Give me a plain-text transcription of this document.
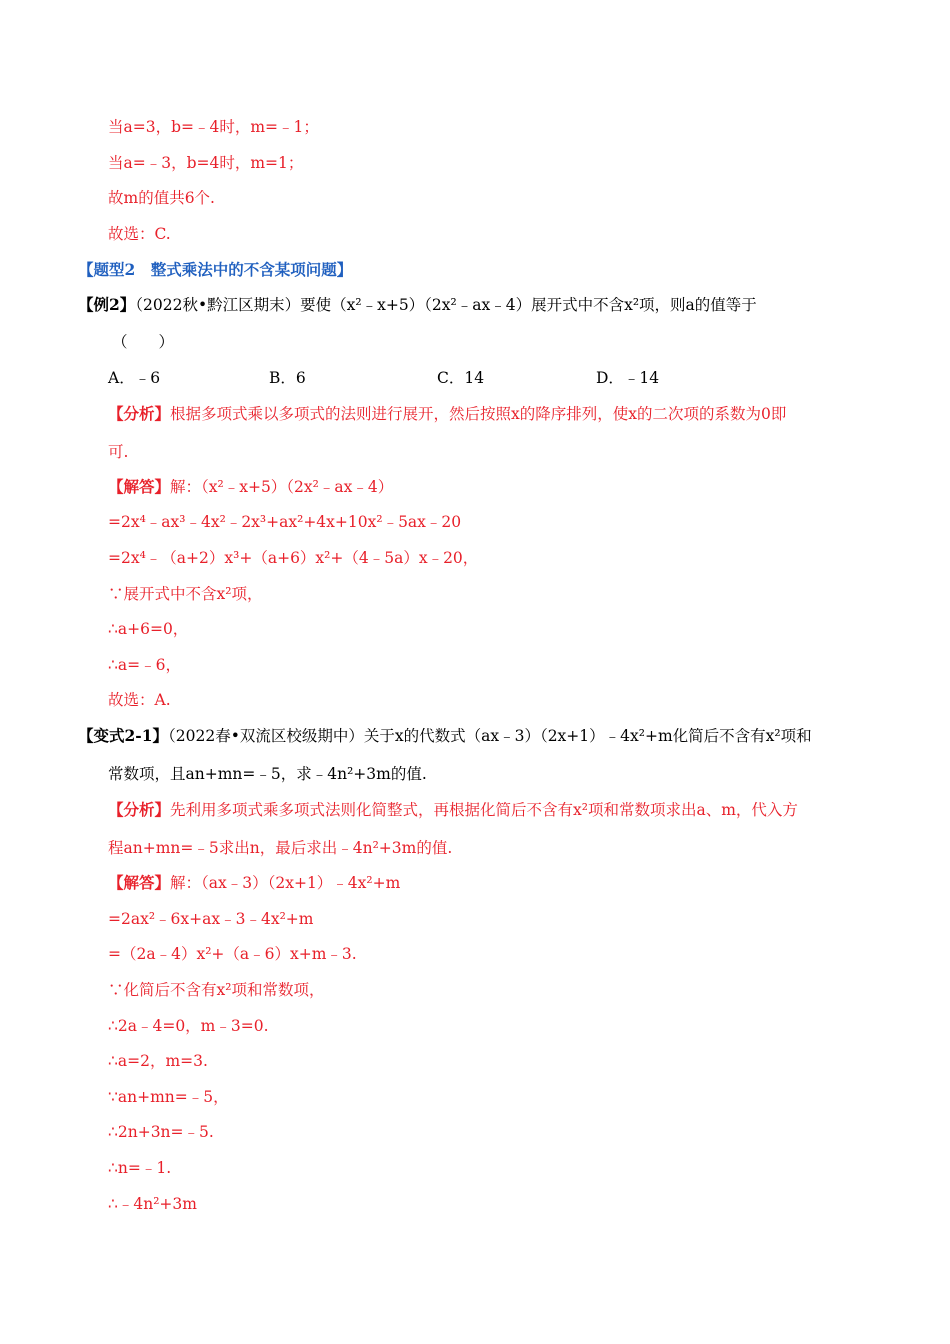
当a=3，b=﹣4时，m=﹣1；
当a=﹣3，b=4时，m=1；
故m的值共6个.
故选：C.
【题型2　整式乘法中的不含某项问题】
【例2】（2022秋•黔江区期末）要使（x²﹣x+5）（2x²﹣ax﹣4）展开式中不含x²项，则a的值等于
（　　）
A．﹣6	B．6	C．14	D．﹣14
【分析】根据多项式乘以多项式的法则进行展开，然后按照x的降序排列，使x的二次项的系数为0即
可.
【解答】解：（x²﹣x+5）（2x²﹣ax﹣4）
=2x⁴﹣ax³﹣4x²﹣2x³+ax²+4x+10x²﹣5ax﹣20
=2x⁴﹣（a+2）x³+（a+6）x²+（4﹣5a）x﹣20，
∵展开式中不含x²项，
∴a+6=0，
∴a=﹣6，
故选：A.
【变式2-1】（2022春•双流区校级期中）关于x的代数式（ax﹣3）（2x+1）﹣4x²+m化简后不含有x²项和
常数项，且an+mn=﹣5，求﹣4n²+3m的值.
【分析】先利用多项式乘多项式法则化简整式，再根据化简后不含有x²项和常数项求出a、m，代入方
程an+mn=﹣5求出n，最后求出﹣4n²+3m的值.
【解答】解：（ax﹣3）（2x+1）﹣4x²+m
=2ax²﹣6x+ax﹣3﹣4x²+m
=（2a﹣4）x²+（a﹣6）x+m﹣3.
∵化简后不含有x²项和常数项，
∴2a﹣4=0，m﹣3=0.
∴a=2，m=3.
∵an+mn=﹣5，
∴2n+3n=﹣5.
∴n=﹣1.
∴﹣4n²+3m
